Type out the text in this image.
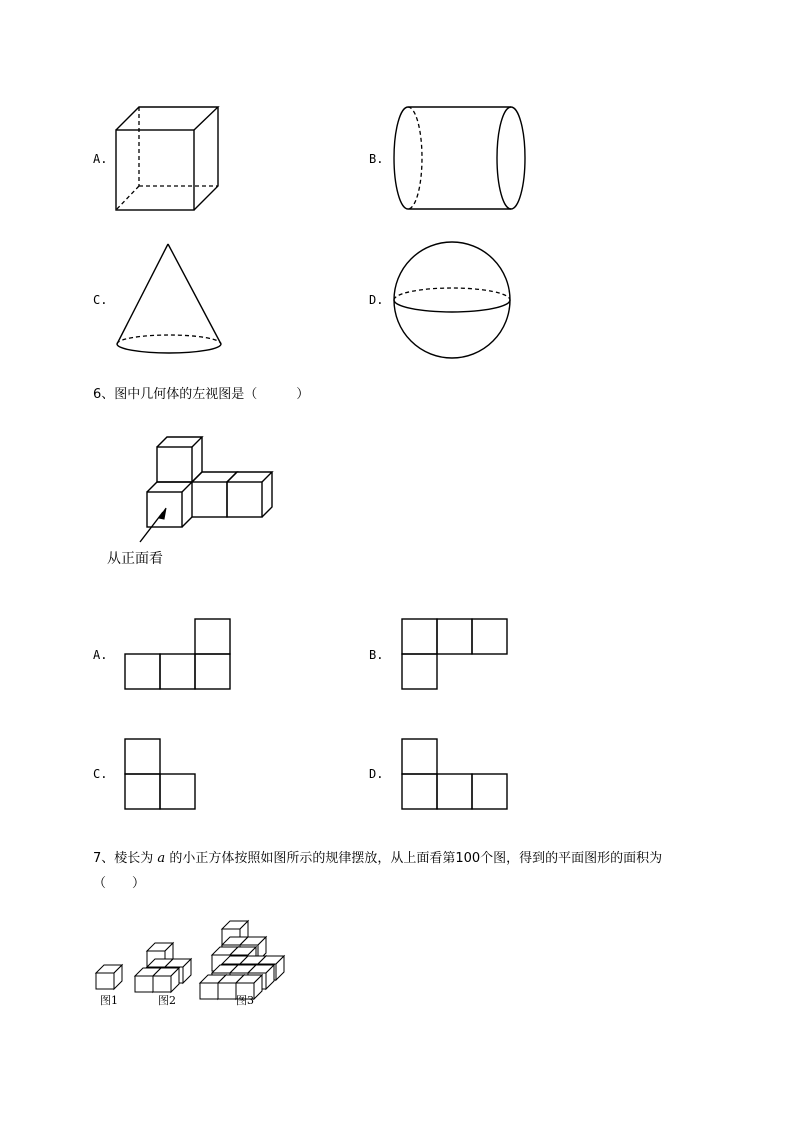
A.	B.
C.	D.
6、图中几何体的左视图是（　　　）
从正面看
A.	B.
C.	D.
7、棱长为 a 的小正方体按照如图所示的规律摆放，从上面看第100个图，得到的平面图形的面积为
（　　）
图1	图2	图3
